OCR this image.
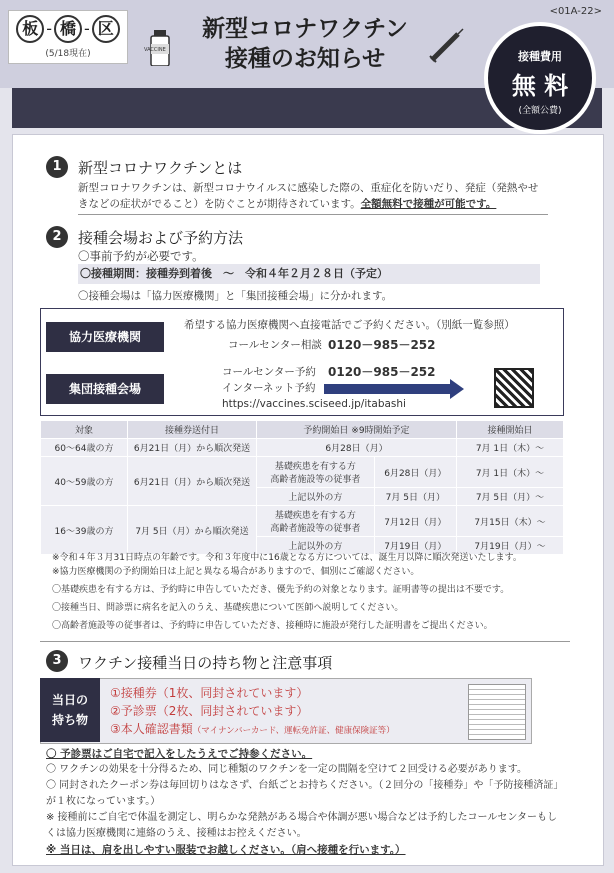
板 - 橋 - 区
(5/18現在)
<01A-22>
VACCINE
新型コロナワクチン
接種のお知らせ	接種費用
無 料
(全額公費)
1	新型コロナワクチンとは
新型コロナワクチンは、新型コロナウイルスに感染した際の、重症化を防いだり、発症（発熱やせきなどの症状がでること）を防ぐことが期待されています。全額無料で接種が可能です。
2	接種会場および予約方法
〇事前予約が必要です。
〇接種期間：接種券到着後　～　令和４年２月２８日（予定）
〇接種会場は「協力医療機関」と「集団接種会場」に分かれます。
協力医療機関
希望する協力医療機関へ直接電話でご予約ください。（別紙一覧参照）
コールセンター相談 0120－985－252
集団接種会場
コールセンター予約 0120－985－252
インターネット予約
https://vaccines.sciseed.jp/itabashi
対象	接種券送付日	予約開始日 ※9時開始予定		接種開始日
60～64歳の方	6月21日（月）から順次発送	6月28日（月）		7月 1日（木）～
40～59歳の方	6月21日（月）から順次発送	基礎疾患を有する方
高齢者施設等の従事者	6月28日（月）	7月 1日（木）～
		上記以外の方	7月 5日（月）	7月 5日（月）～
16～39歳の方	7月 5日（月）から順次発送	基礎疾患を有する方
高齢者施設等の従事者	7月12日（月）	7月15日（木）～
		上記以外の方	7月19日（月）	7月19日（月）～
※令和４年３月31日時点の年齢です。令和３年度中に16歳となる方については、誕生月以降に順次発送いたします。
※協力医療機関の予約開始日は上記と異なる場合がありますので、個別にご確認ください。
〇基礎疾患を有する方は、予約時に申告していただき、優先予約の対象となります。証明書等の提出は不要です。
〇接種当日、問診票に病名を記入のうえ、基礎疾患について医師へ説明してください。
〇高齢者施設等の従事者は、予約時に申告していただき、接種時に施設が発行した証明書をご提出ください。
3	ワクチン接種当日の持ち物と注意事項
当日の
持ち物
①接種券（1枚、同封されています）
②予診票（2枚、同封されています）
③本人確認書類（マイナンバーカード、運転免許証、健康保険証等）
〇 予診票はご自宅で記入をしたうえでご持参ください。
〇 ワクチンの効果を十分得るため、同じ種類のワクチンを一定の間隔を空けて２回受ける必要があります。
〇 同封されたクーポン券は毎回切りはなさず、台紙ごとお持ちください。（２回分の「接種券」や「予防接種済証」が１枚になっています。）
※ 接種前にご自宅で体温を測定し、明らかな発熱がある場合や体調が悪い場合などは予約したコールセンターもしくは協力医療機関に連絡のうえ、接種はお控えください。
※ 当日は、肩を出しやすい服装でお越しください。（肩へ接種を行います。）
